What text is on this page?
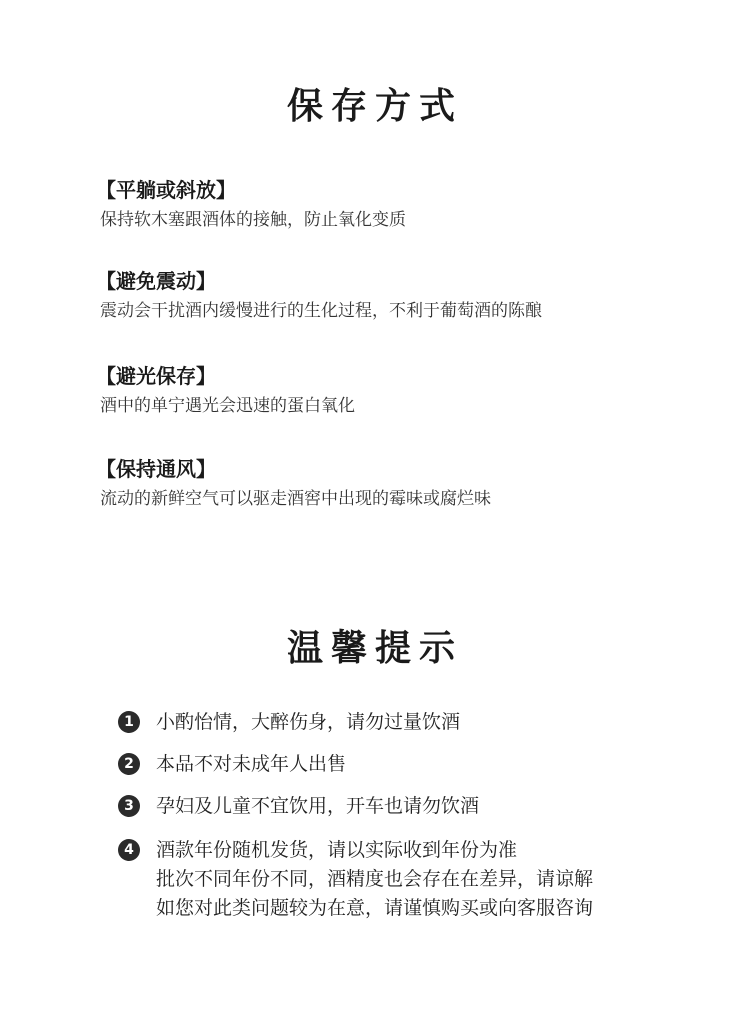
保存方式
【平躺或斜放】
保持软木塞跟酒体的接触，防止氧化变质
【避免震动】
震动会干扰酒内缓慢进行的生化过程，不利于葡萄酒的陈酿
【避光保存】
酒中的单宁遇光会迅速的蛋白氧化
【保持通风】
流动的新鲜空气可以驱走酒窖中出现的霉味或腐烂味
温馨提示
1	小酌怡情，大醉伤身，请勿过量饮酒
2	本品不对未成年人出售
3	孕妇及儿童不宜饮用，开车也请勿饮酒
4	酒款年份随机发货，请以实际收到年份为准
批次不同年份不同，酒精度也会存在在差异，请谅解
如您对此类问题较为在意，请谨慎购买或向客服咨询
